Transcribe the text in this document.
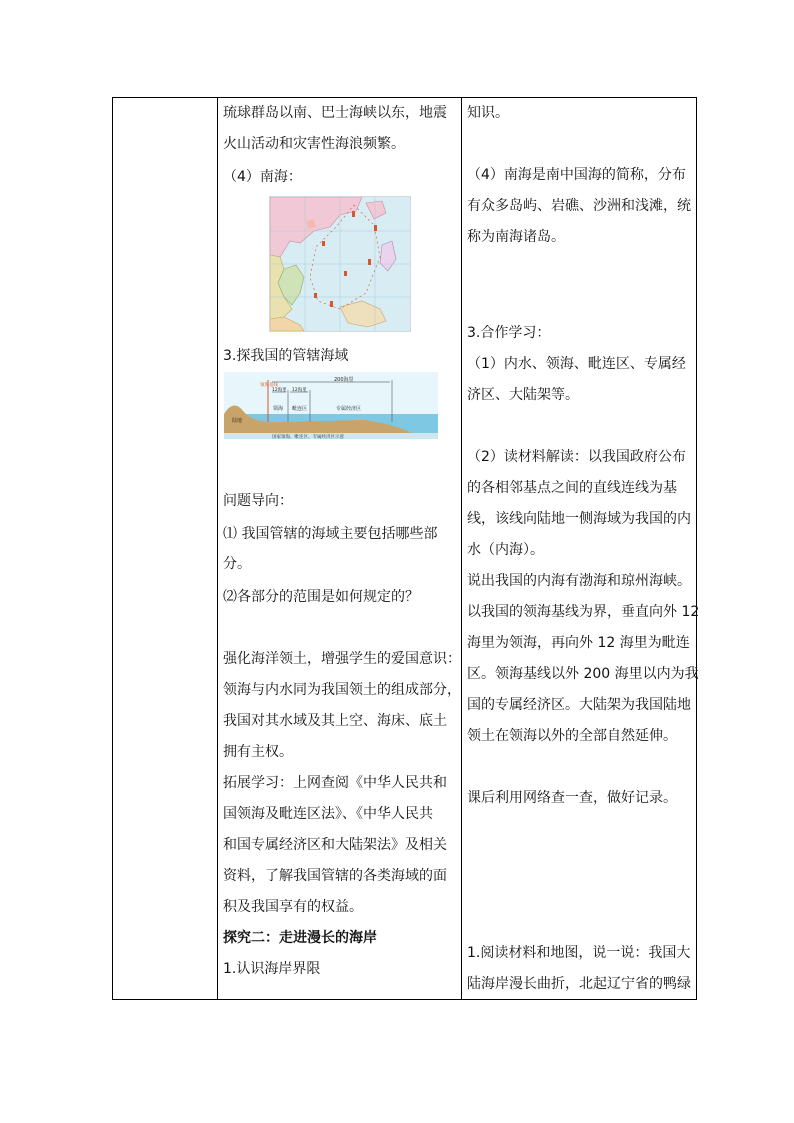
琉球群岛以南、巴士海峡以东，地震
火山活动和灾害性海浪频繁。
（4）南海：
3.探我国的管辖海域
问题导向：
⑴ 我国管辖的海域主要包括哪些部
分。
⑵各部分的范围是如何规定的？
强化海洋领土，增强学生的爱国意识：
领海与内水同为我国领土的组成部分，
我国对其水域及其上空、海床、底土
拥有主权。
拓展学习：上网查阅《中华人民共和
国领海及毗连区法》、《中华人民共
和国专属经济区和大陆架法》及相关
资料，了解我国管辖的各类海域的面
积及我国享有的权益。
探究二：走进漫长的海岸
1.认识海岸界限
知识。
（4）南海是南中国海的简称，分布
有众多岛屿、岩礁、沙洲和浅滩，统
称为南海诸岛。
3.合作学习：
（1）内水、领海、毗连区、专属经
济区、大陆架等。
（2）读材料解读：以我国政府公布
的各相邻基点之间的直线连线为基
线，该线向陆地一侧海域为我国的内
水（内海）。
说出我国的内海有渤海和琼州海峡。
以我国的领海基线为界，垂直向外 12
海里为领海，再向外 12 海里为毗连
区。领海基线以外 200 海里以内为我
国的专属经济区。大陆架为我国陆地
领土在领海以外的全部自然延伸。
课后利用网络查一查，做好记录。
1.阅读材料和地图，说一说：我国大
陆海岸漫长曲折，北起辽宁省的鸭绿
领海基线
200海里
12海里 12海里
领海 毗连区	专属经济区
陆地
国家领海、毗连区、专属经济区示意
